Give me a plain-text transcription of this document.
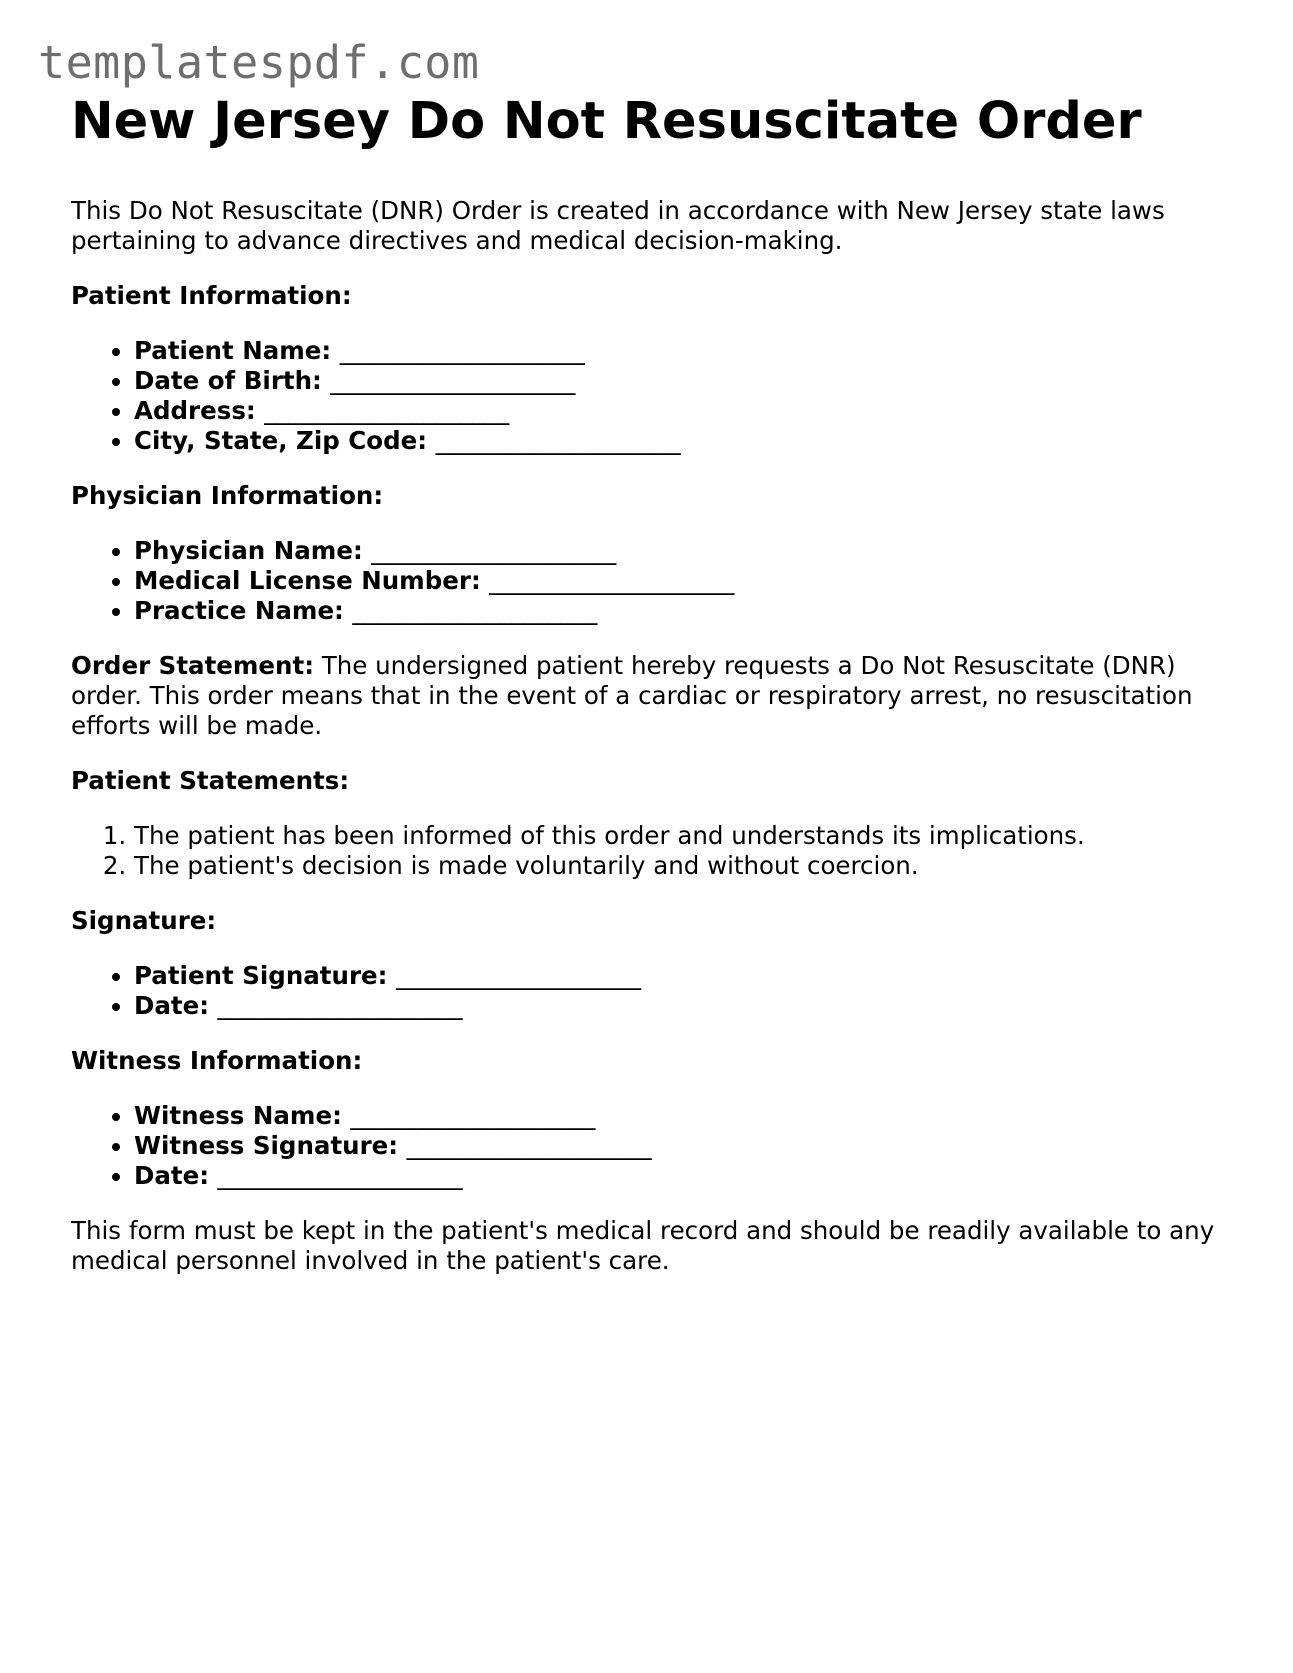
templatespdf.com
New Jersey Do Not Resuscitate Order

This Do Not Resuscitate (DNR) Order is created in accordance with New Jersey state laws pertaining to advance directives and medical decision-making.

Patient Information:
• Patient Name: ____________________
• Date of Birth: ____________________
• Address: ____________________
• City, State, Zip Code: ____________________
Physician Information:
• Physician Name: ____________________
• Medical License Number: ____________________
• Practice Name: ____________________

Order Statement: The undersigned patient hereby requests a Do Not Resuscitate (DNR) order. This order means that in the event of a cardiac or respiratory arrest, no resuscitation efforts will be made.

Patient Statements:
1. The patient has been informed of this order and understands its implications.
2. The patient's decision is made voluntarily and without coercion.
Signature:
• Patient Signature: ____________________
• Date: ____________________
Witness Information:
• Witness Name: ____________________
• Witness Signature: ____________________
• Date: ____________________

This form must be kept in the patient's medical record and should be readily available to any medical personnel involved in the patient's care.
